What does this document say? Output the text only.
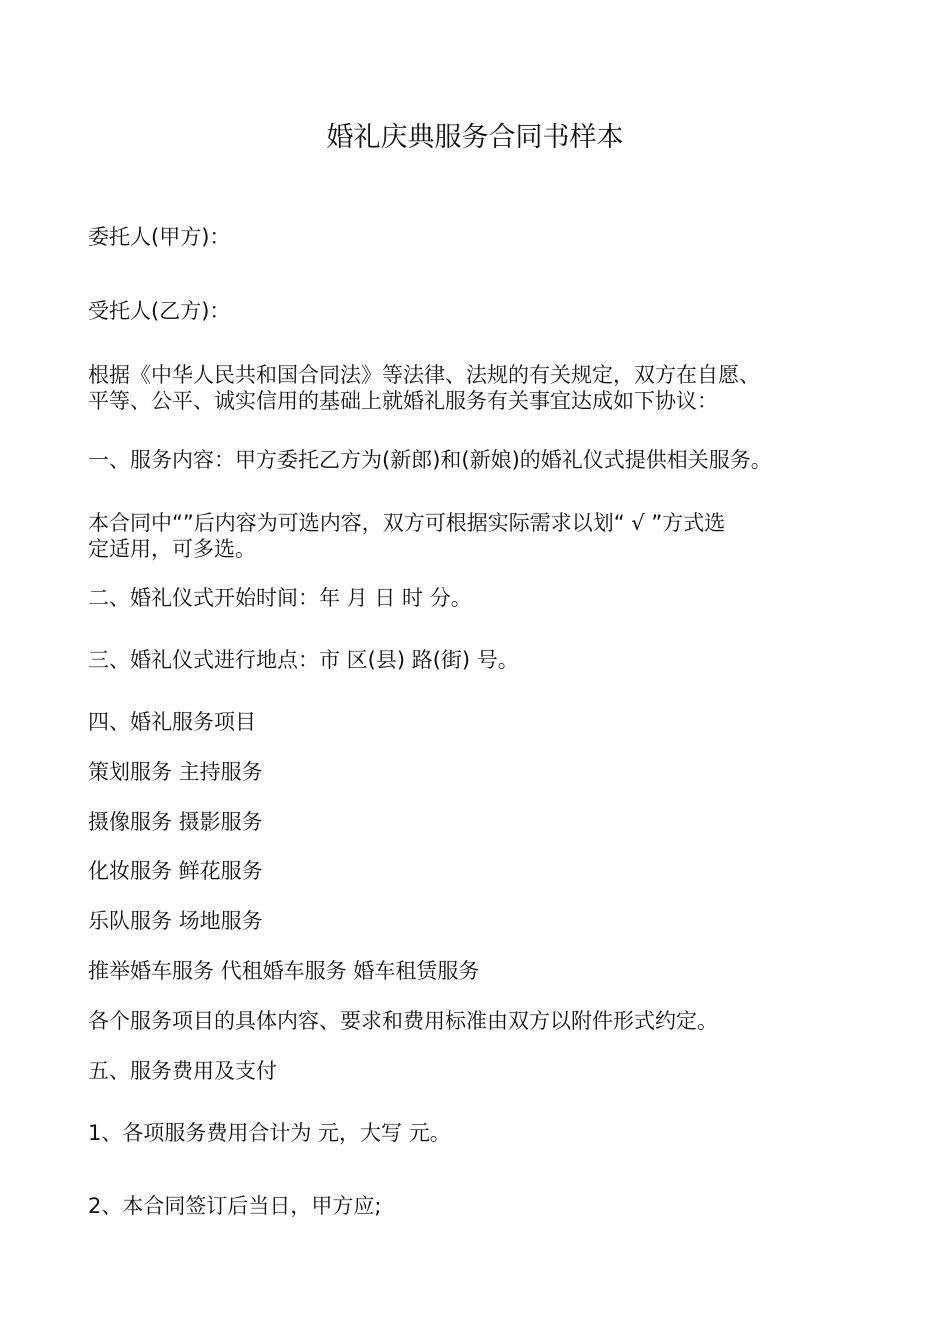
婚礼庆典服务合同书样本
委托人(甲方)：
受托人(乙方)：
根据《中华人民共和国合同法》等法律、法规的有关规定，双方在自愿、
平等、公平、诚实信用的基础上就婚礼服务有关事宜达成如下协议：
一、服务内容：甲方委托乙方为(新郎)和(新娘)的婚礼仪式提供相关服务。
本合同中“”后内容为可选内容，双方可根据实际需求以划“ √ ”方式选
定适用，可多选。
二、婚礼仪式开始时间：年 月 日 时 分。
三、婚礼仪式进行地点：市 区(县) 路(街) 号。
四、婚礼服务项目
策划服务 主持服务
摄像服务 摄影服务
化妆服务 鲜花服务
乐队服务 场地服务
推举婚车服务 代租婚车服务 婚车租赁服务
各个服务项目的具体内容、要求和费用标准由双方以附件形式约定。
五、服务费用及支付
1、各项服务费用合计为 元，大写 元。
2、本合同签订后当日，甲方应;
